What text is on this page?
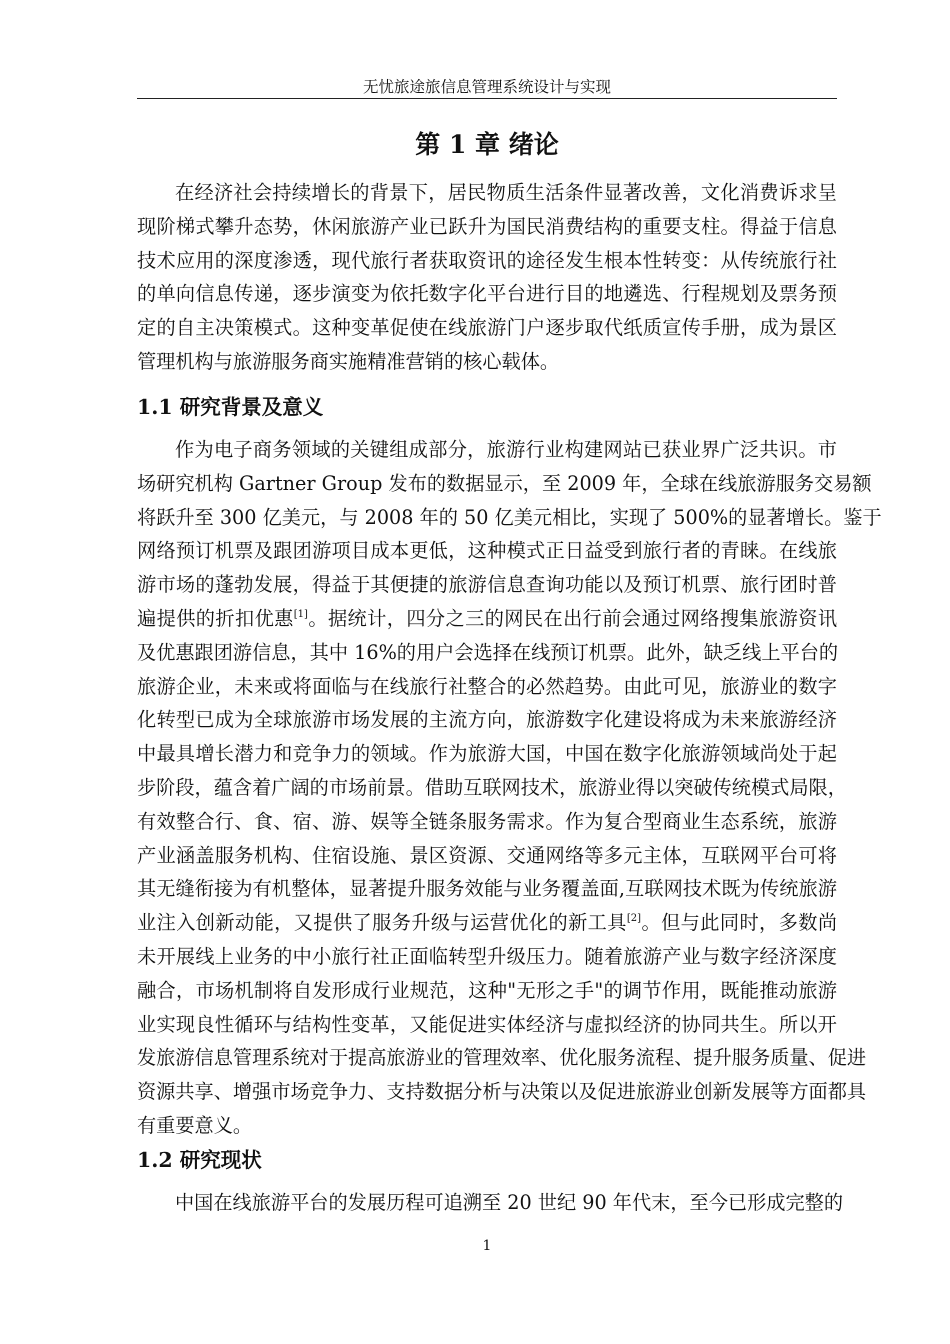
无忧旅途旅信息管理系统设计与实现
第 1 章 绪论
在经济社会持续增长的背景下，居民物质生活条件显著改善，文化消费诉求呈
现阶梯式攀升态势，休闲旅游产业已跃升为国民消费结构的重要支柱。得益于信息
技术应用的深度渗透，现代旅行者获取资讯的途径发生根本性转变：从传统旅行社
的单向信息传递，逐步演变为依托数字化平台进行目的地遴选、行程规划及票务预
定的自主决策模式。这种变革促使在线旅游门户逐步取代纸质宣传手册，成为景区
管理机构与旅游服务商实施精准营销的核心载体。
1.1 研究背景及意义
作为电子商务领域的关键组成部分，旅游行业构建网站已获业界广泛共识。市
场研究机构 Gartner Group 发布的数据显示，至 2009 年，全球在线旅游服务交易额
将跃升至 300 亿美元，与 2008 年的 50 亿美元相比，实现了 500%的显著增长。鉴于
网络预订机票及跟团游项目成本更低，这种模式正日益受到旅行者的青睐。在线旅
游市场的蓬勃发展，得益于其便捷的旅游信息查询功能以及预订机票、旅行团时普
遍提供的折扣优惠[1]。据统计，四分之三的网民在出行前会通过网络搜集旅游资讯
及优惠跟团游信息，其中 16%的用户会选择在线预订机票。此外，缺乏线上平台的
旅游企业，未来或将面临与在线旅行社整合的必然趋势。由此可见，旅游业的数字
化转型已成为全球旅游市场发展的主流方向，旅游数字化建设将成为未来旅游经济
中最具增长潜力和竞争力的领域。作为旅游大国，中国在数字化旅游领域尚处于起
步阶段，蕴含着广阔的市场前景。借助互联网技术，旅游业得以突破传统模式局限，
有效整合行、食、宿、游、娱等全链条服务需求。作为复合型商业生态系统，旅游
产业涵盖服务机构、住宿设施、景区资源、交通网络等多元主体，互联网平台可将
其无缝衔接为有机整体，显著提升服务效能与业务覆盖面,互联网技术既为传统旅游
业注入创新动能，又提供了服务升级与运营优化的新工具[2]。但与此同时，多数尚
未开展线上业务的中小旅行社正面临转型升级压力。随着旅游产业与数字经济深度
融合，市场机制将自发形成行业规范，这种"无形之手"的调节作用，既能推动旅游
业实现良性循环与结构性变革，又能促进实体经济与虚拟经济的协同共生。所以开
发旅游信息管理系统对于提高旅游业的管理效率、优化服务流程、提升服务质量、促进
资源共享、增强市场竞争力、支持数据分析与决策以及促进旅游业创新发展等方面都具
有重要意义。
1.2 研究现状
中国在线旅游平台的发展历程可追溯至 20 世纪 90 年代末，至今已形成完整的
1
